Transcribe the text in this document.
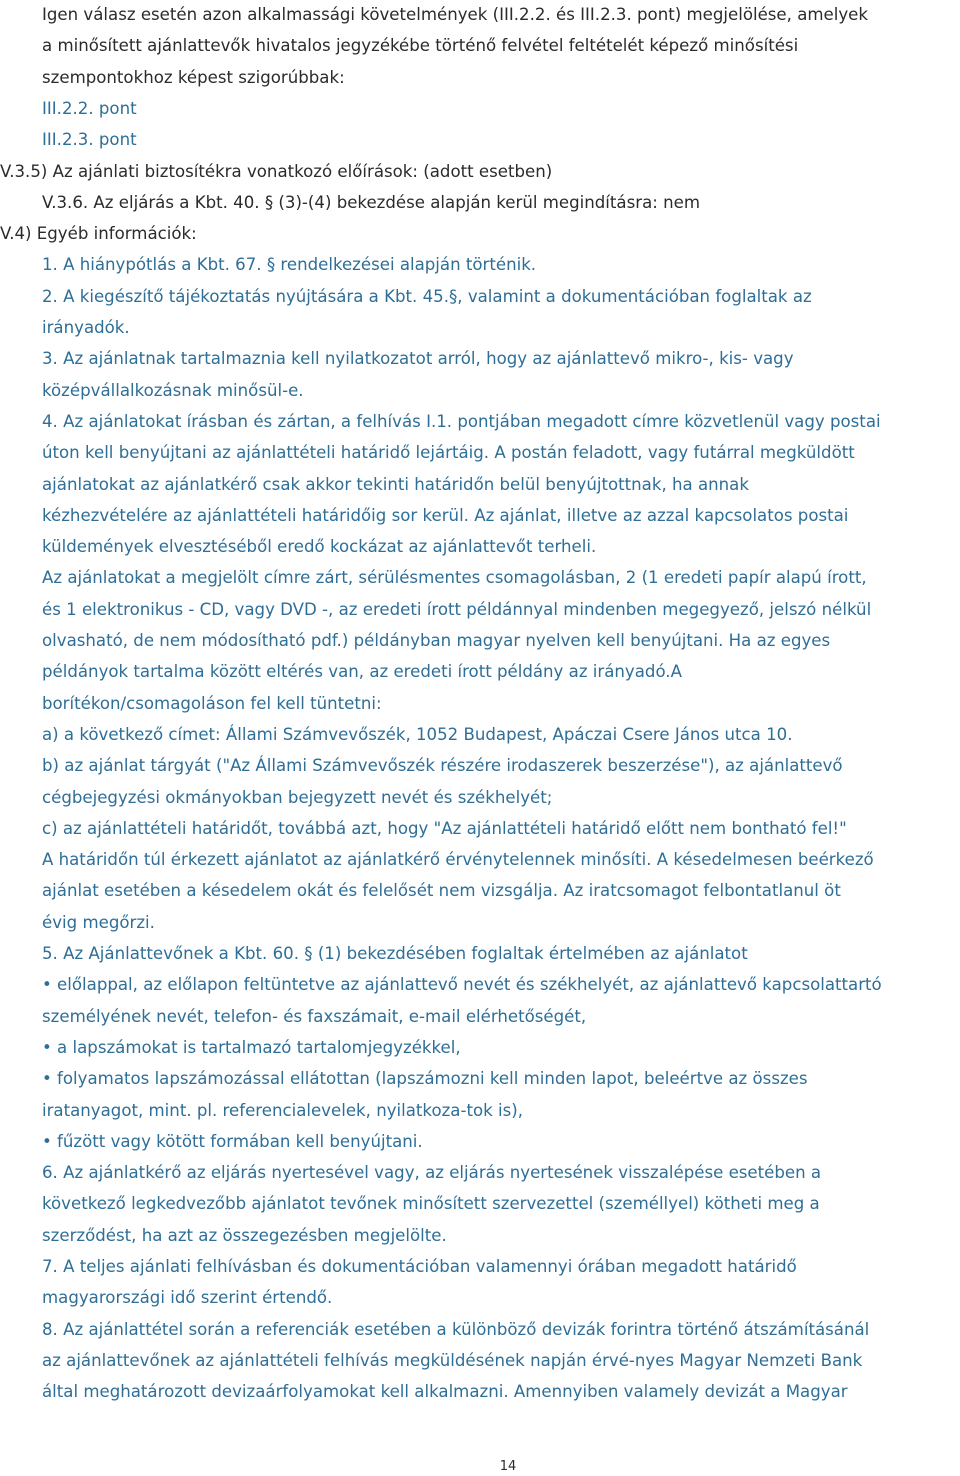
Igen válasz esetén azon alkalmassági követelmények (III.2.2. és III.2.3. pont) megjelölése, amelyek
a minősített ajánlattevők hivatalos jegyzékébe történő felvétel feltételét képező minősítési
szempontokhoz képest szigorúbbak:
III.2.2. pont
III.2.3. pont
V.3.5) Az ajánlati biztosítékra vonatkozó előírások: (adott esetben)
V.3.6. Az eljárás a Kbt. 40. § (3)-(4) bekezdése alapján kerül megindításra: nem
V.4) Egyéb információk:
1. A hiánypótlás a Kbt. 67. § rendelkezései alapján történik.
2. A kiegészítő tájékoztatás nyújtására a Kbt. 45.§, valamint a dokumentációban foglaltak az
irányadók.
3. Az ajánlatnak tartalmaznia kell nyilatkozatot arról, hogy az ajánlattevő mikro-, kis- vagy
középvállalkozásnak minősül-e.
4. Az ajánlatokat írásban és zártan, a felhívás I.1. pontjában megadott címre közvetlenül vagy postai
úton kell benyújtani az ajánlattételi határidő lejártáig. A postán feladott, vagy futárral megküldött
ajánlatokat az ajánlatkérő csak akkor tekinti határidőn belül benyújtottnak, ha annak
kézhezvételére az ajánlattételi határidőig sor kerül. Az ajánlat, illetve az azzal kapcsolatos postai
küldemények elvesztéséből eredő kockázat az ajánlattevőt terheli.
Az ajánlatokat a megjelölt címre zárt, sérülésmentes csomagolásban, 2 (1 eredeti papír alapú írott,
és 1 elektronikus - CD, vagy DVD -, az eredeti írott példánnyal mindenben megegyező, jelszó nélkül
olvasható, de nem módosítható pdf.) példányban magyar nyelven kell benyújtani. Ha az egyes
példányok tartalma között eltérés van, az eredeti írott példány az irányadó.A
borítékon/csomagoláson fel kell tüntetni:
a) a következő címet: Állami Számvevőszék, 1052 Budapest, Apáczai Csere János utca 10.
b) az ajánlat tárgyát ("Az Állami Számvevőszék részére irodaszerek beszerzése"), az ajánlattevő
cégbejegyzési okmányokban bejegyzett nevét és székhelyét;
c) az ajánlattételi határidőt, továbbá azt, hogy "Az ajánlattételi határidő előtt nem bontható fel!"
A határidőn túl érkezett ajánlatot az ajánlatkérő érvénytelennek minősíti. A késedelmesen beérkező
ajánlat esetében a késedelem okát és felelősét nem vizsgálja. Az iratcsomagot felbontatlanul öt
évig megőrzi.
5. Az Ajánlattevőnek a Kbt. 60. § (1) bekezdésében foglaltak értelmében az ajánlatot
• előlappal, az előlapon feltüntetve az ajánlattevő nevét és székhelyét, az ajánlattevő kapcsolattartó
személyének nevét, telefon- és faxszámait, e-mail elérhetőségét,
• a lapszámokat is tartalmazó tartalomjegyzékkel,
• folyamatos lapszámozással ellátottan (lapszámozni kell minden lapot, beleértve az összes
iratanyagot, mint. pl. referencialevelek, nyilatkoza-tok is),
• fűzött vagy kötött formában kell benyújtani.
6. Az ajánlatkérő az eljárás nyertesével vagy, az eljárás nyertesének visszalépése esetében a
következő legkedvezőbb ajánlatot tevőnek minősített szervezettel (személlyel) kötheti meg a
szerződést, ha azt az összegezésben megjelölte.
7. A teljes ajánlati felhívásban és dokumentációban valamennyi órában megadott határidő
magyarországi idő szerint értendő.
8. Az ajánlattétel során a referenciák esetében a különböző devizák forintra történő átszámításánál
az ajánlattevőnek az ajánlattételi felhívás megküldésének napján érvé-nyes Magyar Nemzeti Bank
által meghatározott devizaárfolyamokat kell alkalmazni. Amennyiben valamely devizát a Magyar
14
